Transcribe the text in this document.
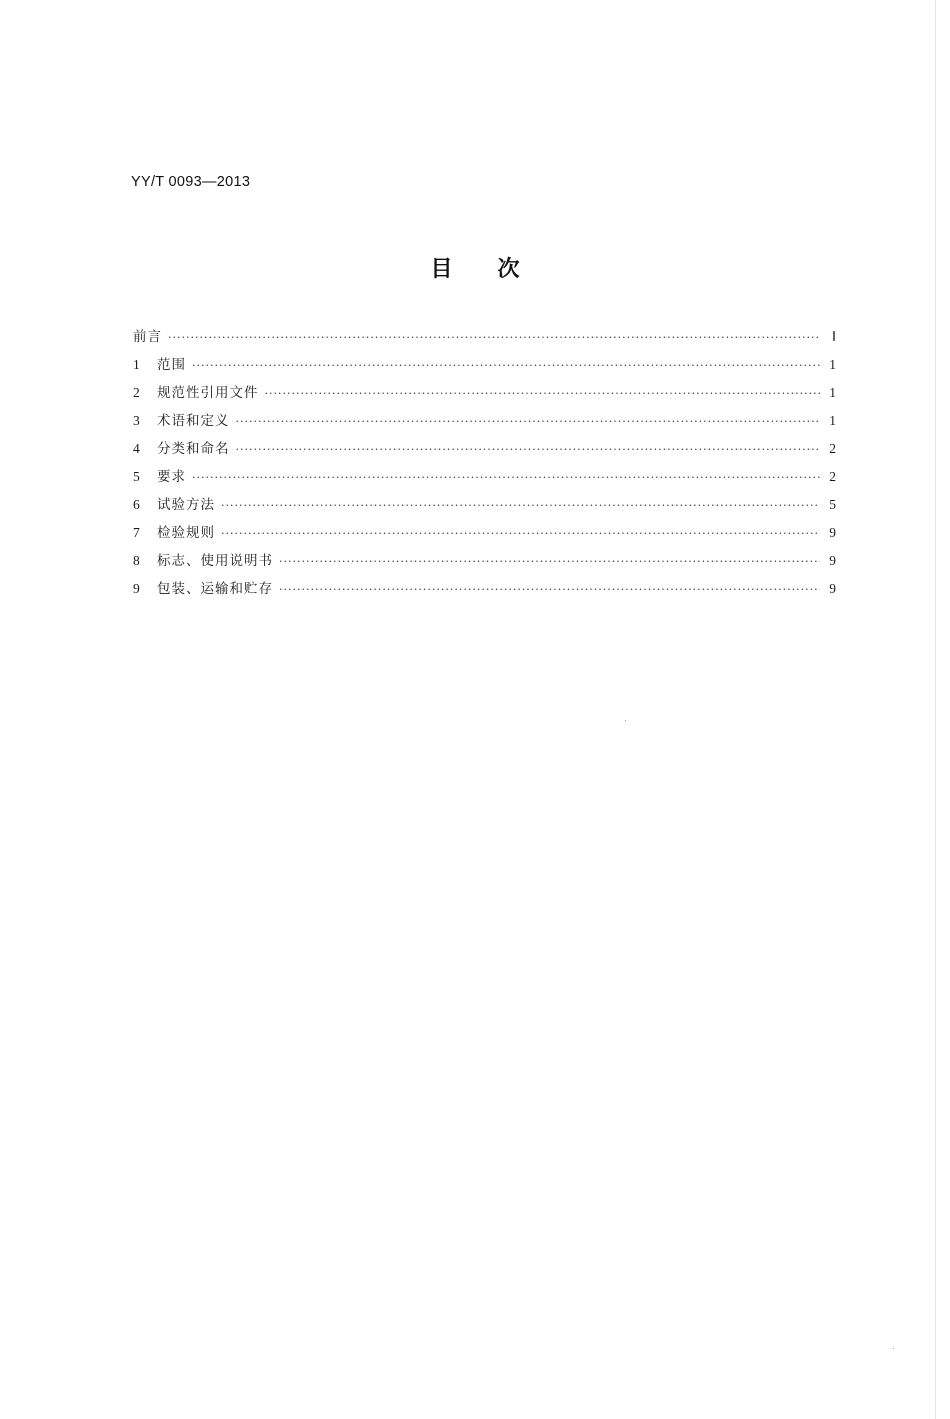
YY/T 0093—2013
目 次
前言 ·····	Ⅰ
1	范围 ·····	1
2	规范性引用文件 ·····	1
3	术语和定义 ·····	1
4	分类和命名 ·····	2
5	要求 ·····	2
6	试验方法 ·····	5
7	检验规则 ·····	9
8	标志、使用说明书 ·····	9
9	包装、运输和贮存 ·····	9
